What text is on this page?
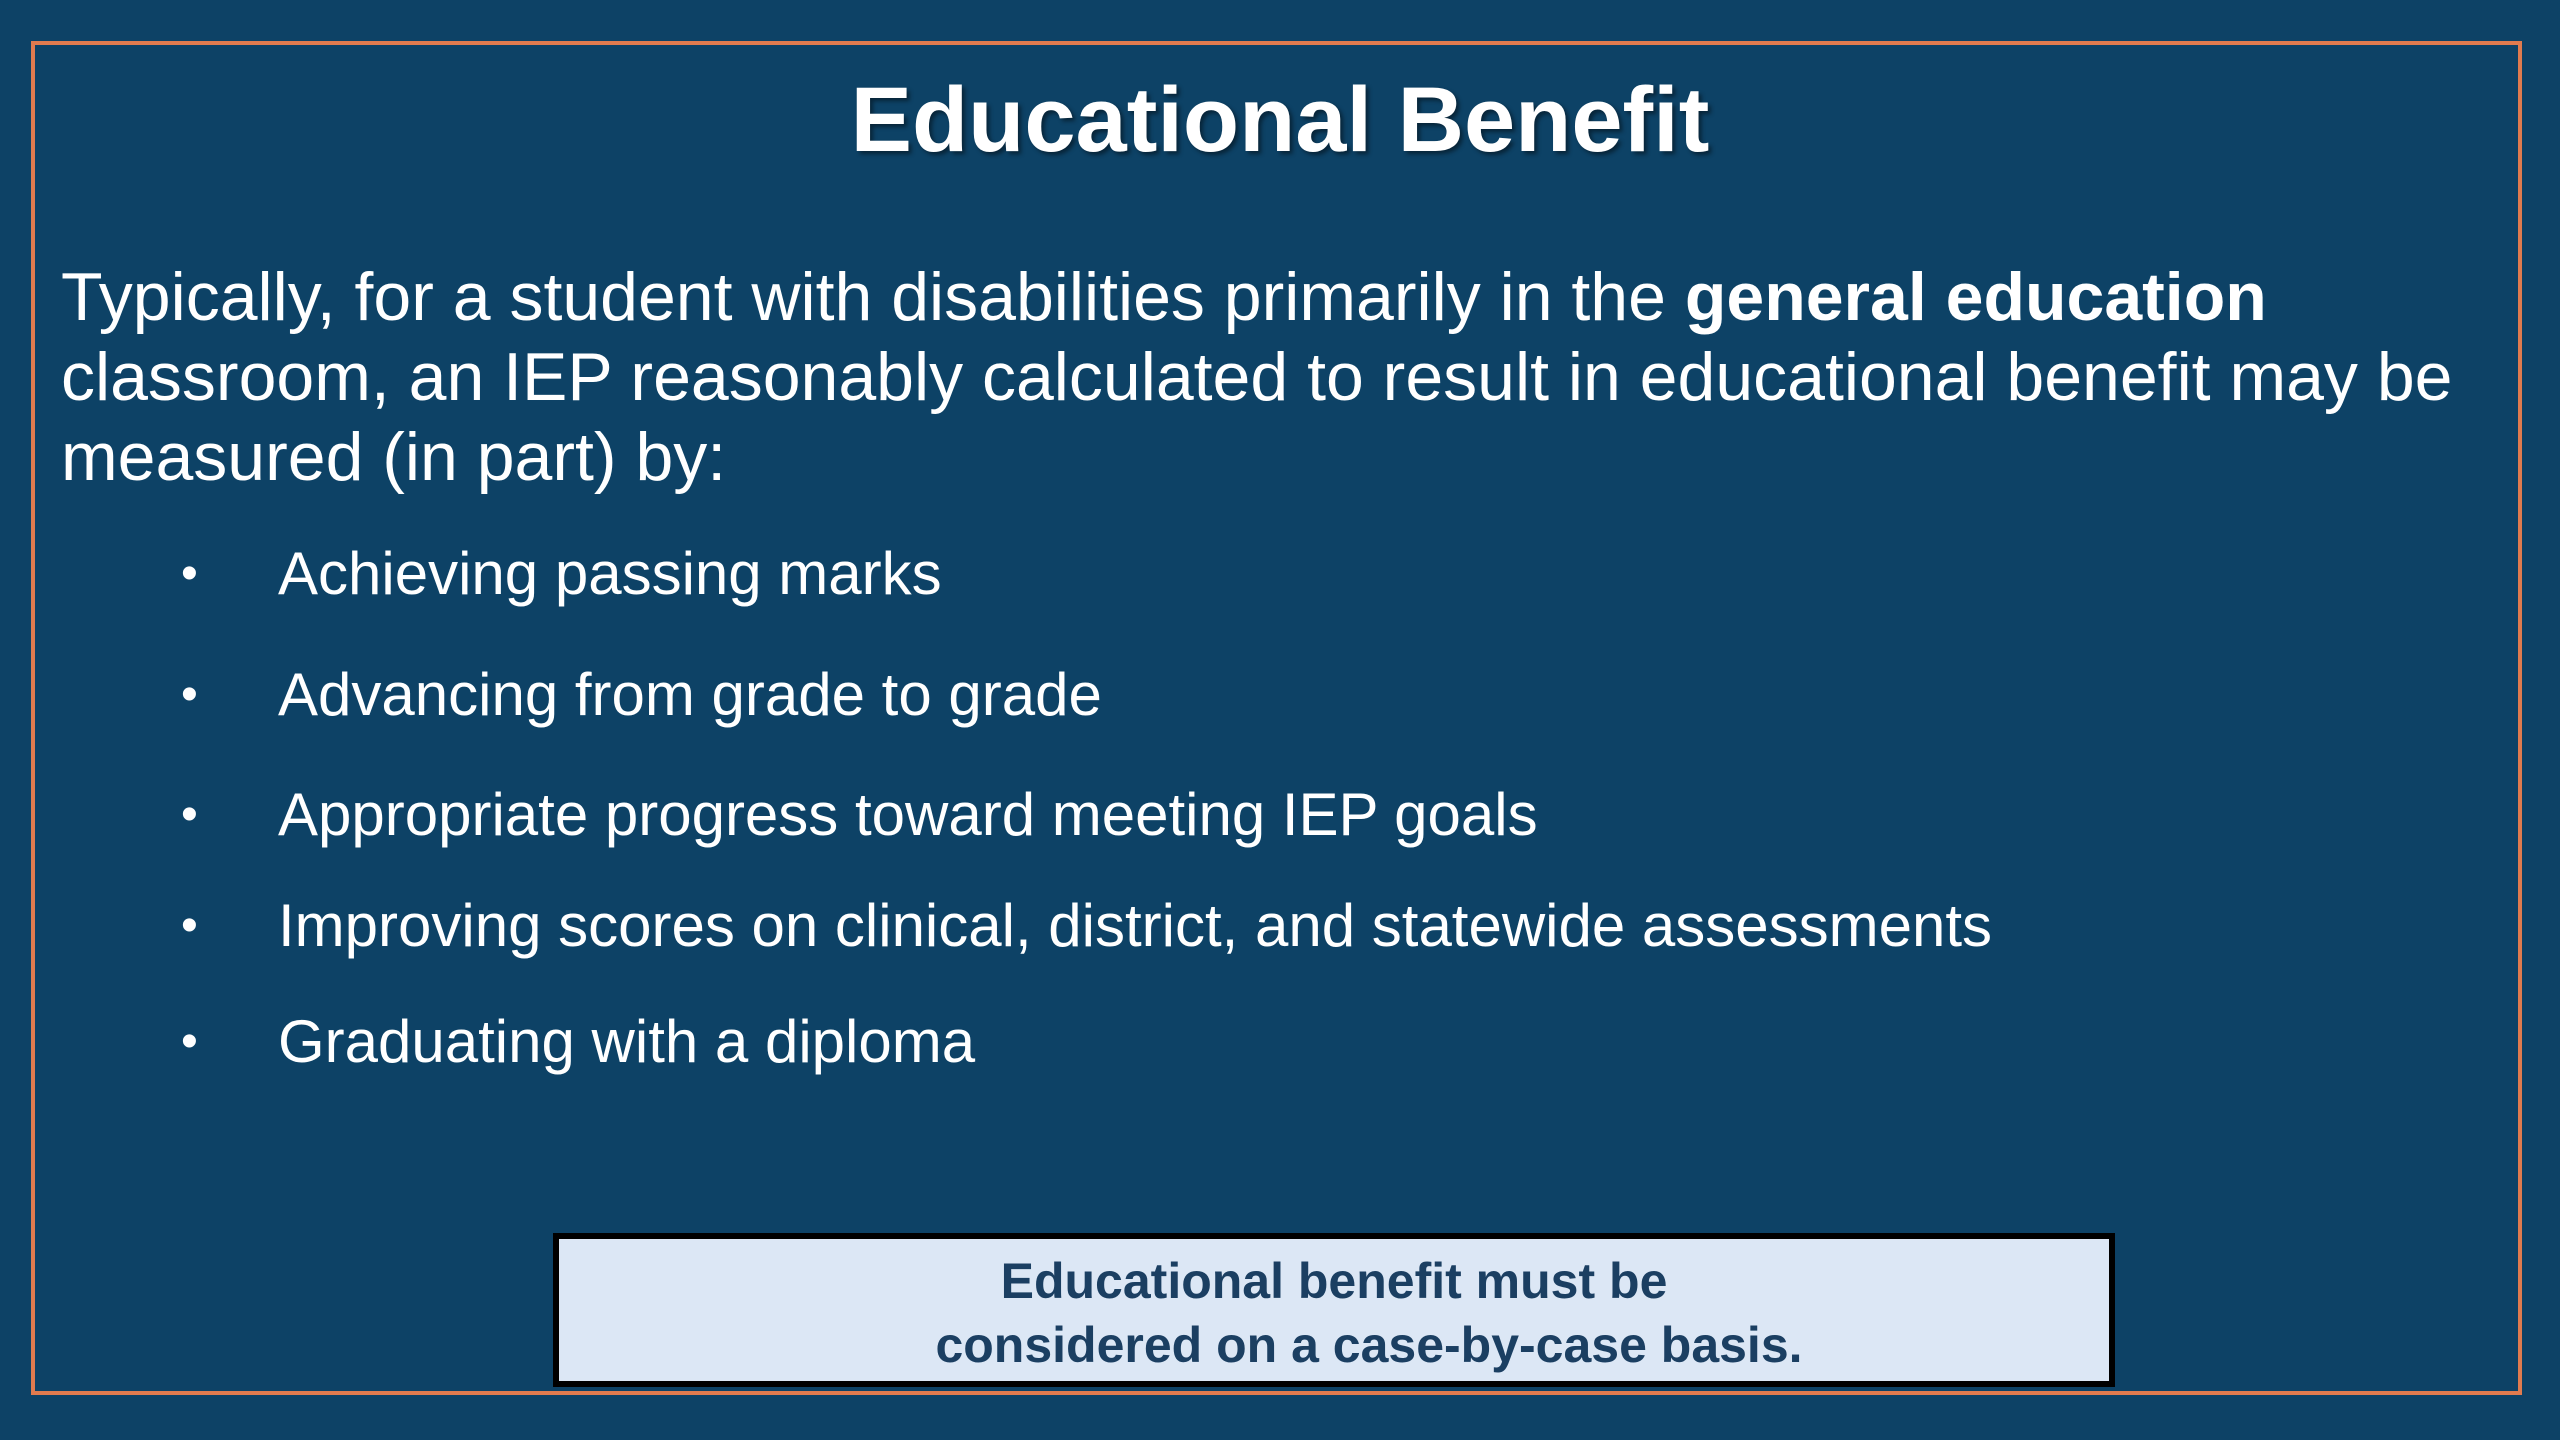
Educational Benefit

Typically, for a student with disabilities primarily in the general education classroom, an IEP reasonably calculated to result in educational benefit may be measured (in part) by:

• Achieving passing marks
• Advancing from grade to grade
• Appropriate progress toward meeting IEP goals
• Improving scores on clinical, district, and statewide assessments
• Graduating with a diploma
Educational benefit must be
considered on a case-by-case basis.
